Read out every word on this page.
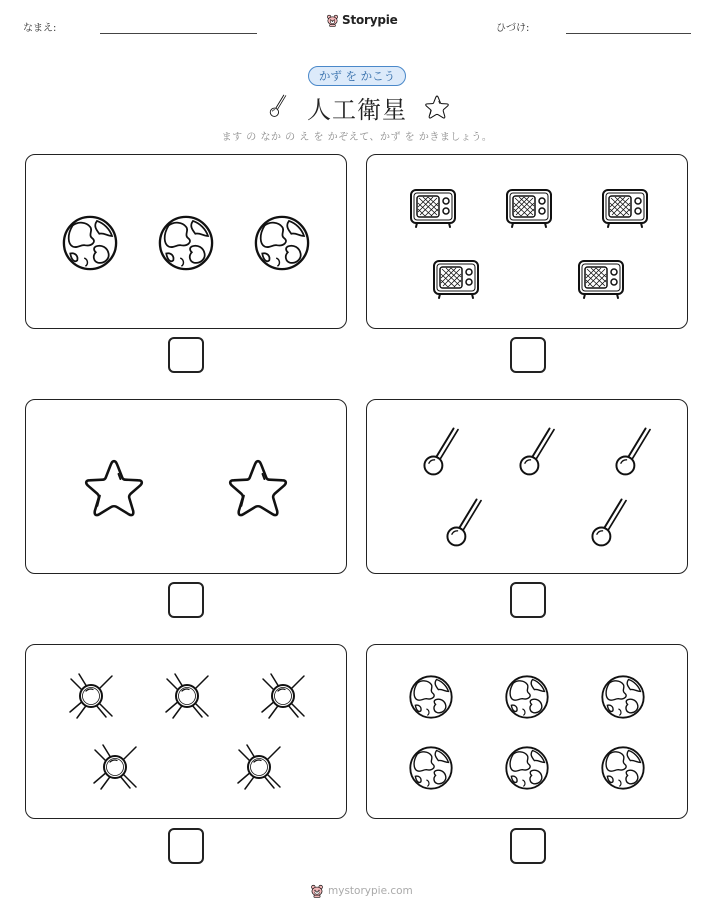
なまえ:
Storypie
ひづけ:
かず を かこう
人工衛星
ます の なか の え を かぞえて、かず を かきましょう。
mystorypie.com
